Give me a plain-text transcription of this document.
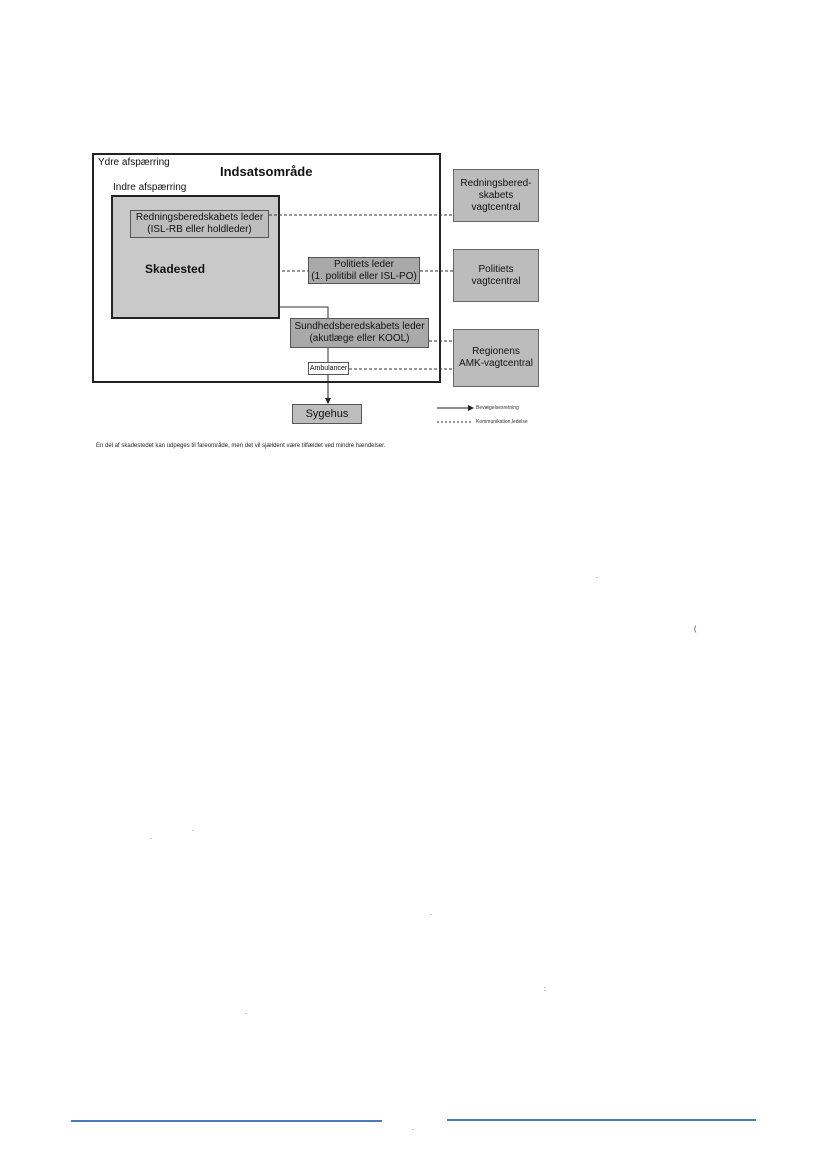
Ydre afspærring
Indsatsområde
Indre afspærring
Skadested
Redningsberedskabets leder
(ISL-RB eller holdleder)
Politiets leder
(1. politibil eller ISL-PO)
Sundhedsberedskabets leder
(akutlæge eller KOOL)
Ambulancer
Sygehus
Redningsbered-
skabets
vagtcentral
Politiets
vagtcentral
Regionens
AMK-vagtcentral
Bevægelsesretning
Kommunikation,ledelse
En del af skadestedet kan udpeges til fareområde, men det vil sjældent være tilfældet ved mindre hændelser.
.
(
.
.
.
:
.
.
